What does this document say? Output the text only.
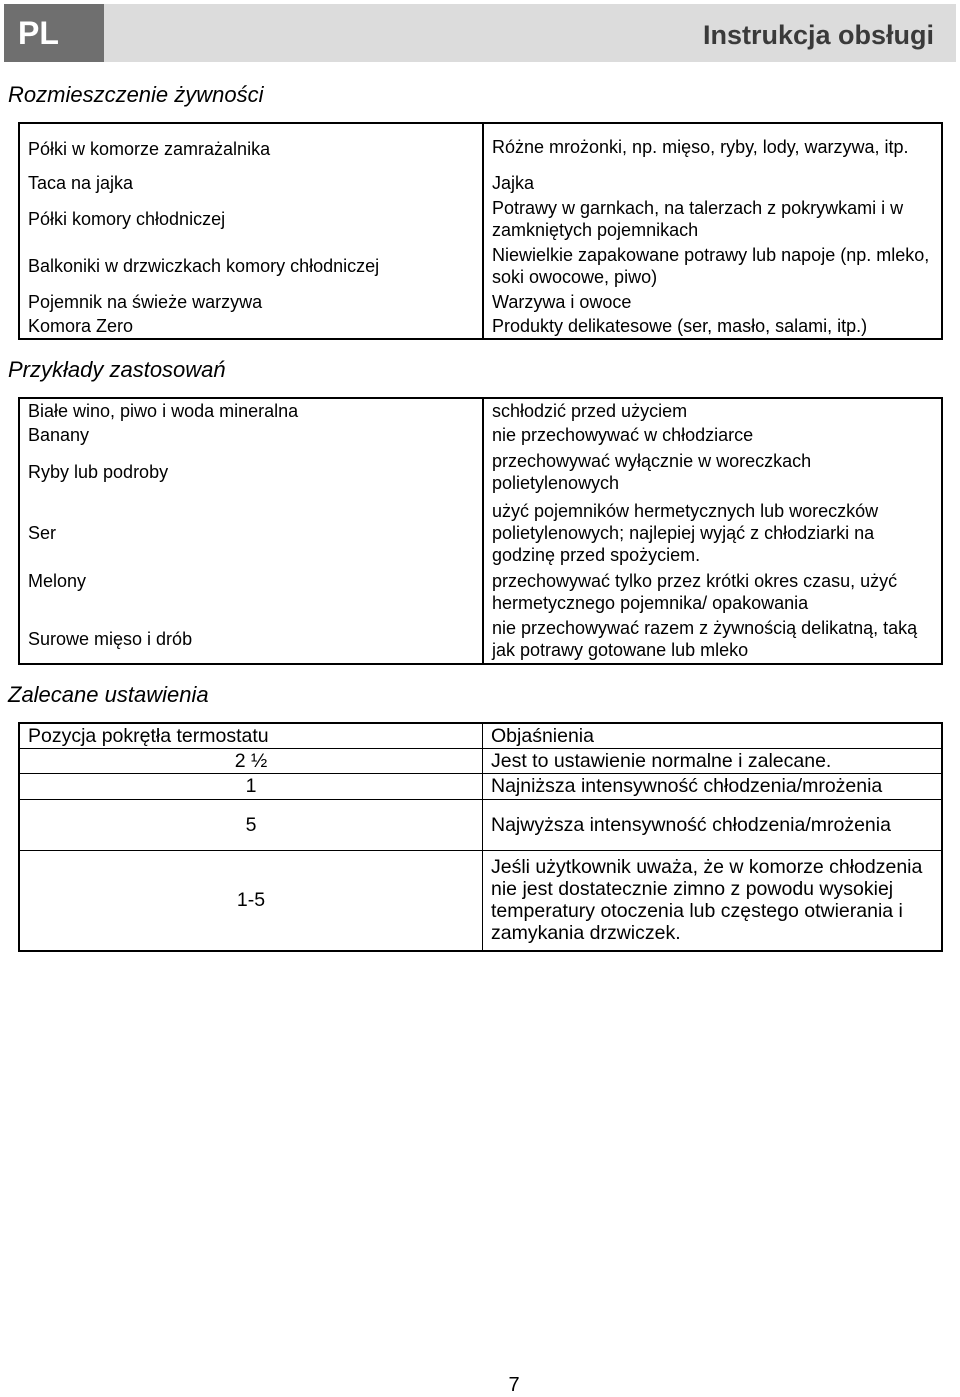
PL	Instrukcja obsługi
Rozmieszczenie żywności
Półki w komorze zamrażalnika	Różne mrożonki, np. mięso, ryby, lody, warzywa, itp.
Taca na jajka	Jajka
Półki komory chłodniczej	Potrawy w garnkach, na talerzach z pokrywkami i w zamkniętych pojemnikach
Balkoniki w drzwiczkach komory chłodniczej	Niewielkie zapakowane potrawy lub napoje (np. mleko, soki owocowe, piwo)
Pojemnik na świeże warzywa	Warzywa i owoce
Komora Zero	Produkty delikatesowe (ser, masło, salami, itp.)
Przykłady zastosowań
Białe wino, piwo i woda mineralna	schłodzić przed użyciem
Banany	nie przechowywać w chłodziarce
Ryby lub podroby	przechowywać wyłącznie w woreczkach polietylenowych
Ser	użyć pojemników hermetycznych lub woreczków polietylenowych; najlepiej wyjąć z chłodziarki na godzinę przed spożyciem.
Melony	przechowywać tylko przez krótki okres czasu, użyć hermetycznego pojemnika/ opakowania
Surowe mięso i drób	nie przechowywać razem z żywnością delikatną, taką jak potrawy gotowane lub mleko
Zalecane ustawienia
Pozycja pokrętła termostatu	Objaśnienia
2 ½	Jest to ustawienie normalne i zalecane.
1	Najniższa intensywność chłodzenia/mrożenia
5	Najwyższa intensywność chłodzenia/mrożenia
1-5	Jeśli użytkownik uważa, że w komorze chłodzenia nie jest dostatecznie zimno z powodu wysokiej temperatury otoczenia lub częstego otwierania i zamykania drzwiczek.
7
